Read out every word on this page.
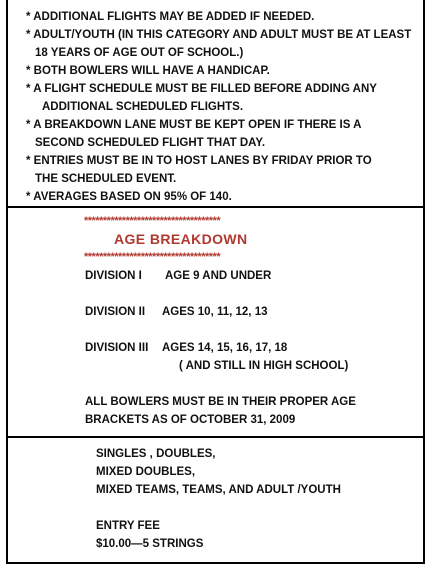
* ADDITIONAL FLIGHTS MAY BE ADDED IF NEEDED.
* ADULT/YOUTH (IN THIS CATEGORY AND ADULT MUST BE AT LEAST
18 YEARS OF AGE OUT OF SCHOOL.)
* BOTH BOWLERS WILL HAVE A HANDICAP.
* A FLIGHT SCHEDULE MUST BE FILLED BEFORE ADDING ANY
ADDITIONAL SCHEDULED FLIGHTS.
* A BREAKDOWN LANE MUST BE KEPT OPEN IF THERE IS A
SECOND SCHEDULED FLIGHT THAT DAY.
* ENTRIES MUST BE IN TO HOST LANES BY FRIDAY PRIOR TO
THE SCHEDULED EVENT.
* AVERAGES BASED ON 95% OF 140.
************************************
AGE BREAKDOWN
************************************
DIVISION I AGE 9 AND UNDER
DIVISION II AGES 10, 11, 12, 13
DIVISION III AGES 14, 15, 16, 17, 18
( AND STILL IN HIGH SCHOOL)
ALL BOWLERS MUST BE IN THEIR PROPER AGE
BRACKETS AS OF OCTOBER 31, 2009
SINGLES , DOUBLES,
MIXED DOUBLES,
MIXED TEAMS, TEAMS, AND ADULT /YOUTH
ENTRY FEE
$10.00—5 STRINGS
